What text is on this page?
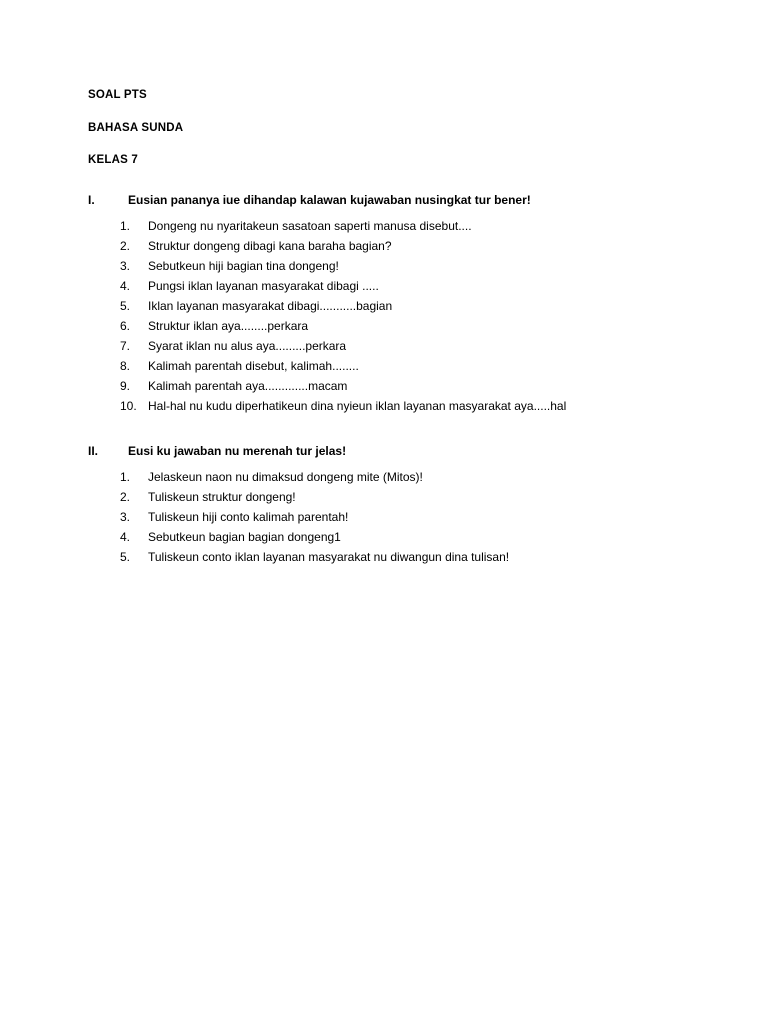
SOAL PTS
BAHASA SUNDA
KELAS 7
I.	Eusian pananya iue dihandap kalawan kujawaban nusingkat tur bener!
1.	Dongeng nu nyaritakeun sasatoan saperti manusa disebut....
2.	Struktur dongeng dibagi kana baraha bagian?
3.	Sebutkeun hiji bagian tina dongeng!
4.	Pungsi iklan layanan masyarakat dibagi .....
5.	Iklan layanan masyarakat dibagi...........bagian
6.	Struktur iklan aya........perkara
7.	Syarat iklan nu alus aya.........perkara
8.	Kalimah parentah disebut, kalimah........
9.	Kalimah parentah aya.............macam
10. Hal-hal nu kudu diperhatikeun dina nyieun iklan layanan masyarakat aya.....hal
II.	Eusi ku jawaban nu merenah tur jelas!
1.	Jelaskeun naon nu dimaksud dongeng mite (Mitos)!
2.	Tuliskeun struktur dongeng!
3.	Tuliskeun hiji conto kalimah parentah!
4.	Sebutkeun bagian bagian dongeng1
5.	Tuliskeun conto iklan layanan masyarakat nu diwangun dina tulisan!
